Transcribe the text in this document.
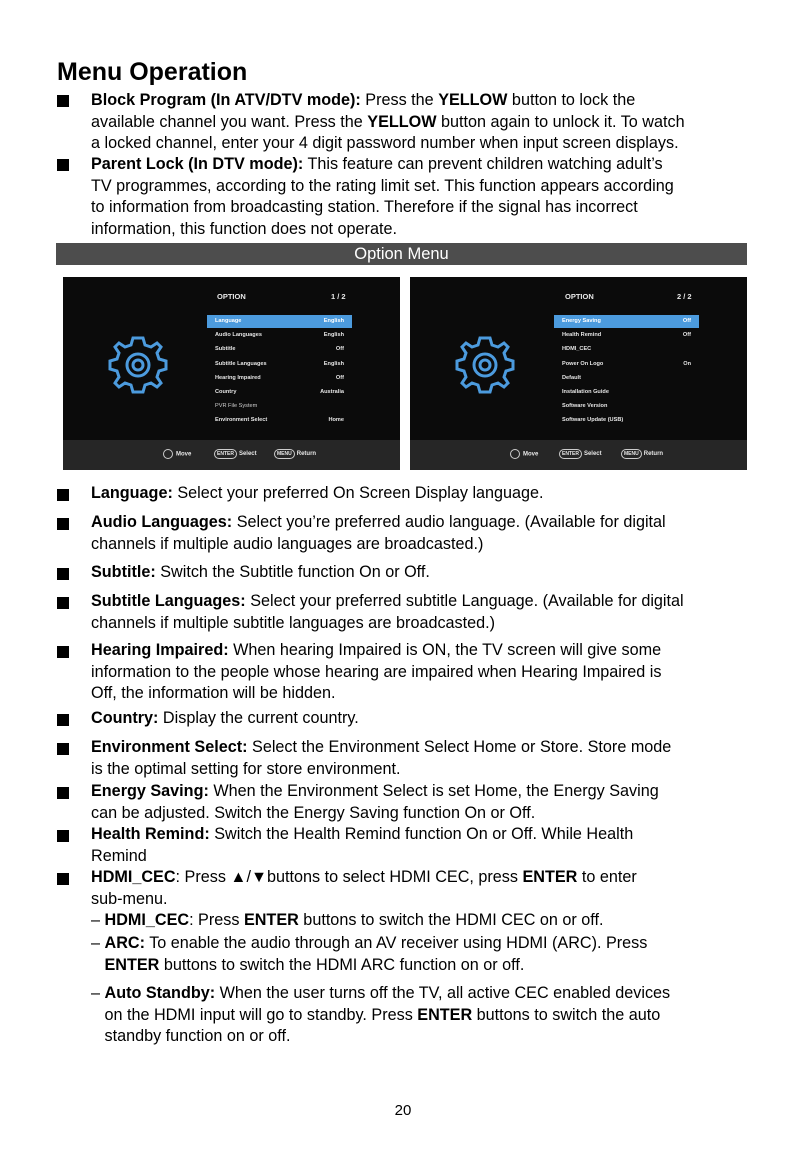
Menu Operation
Block Program (In ATV/DTV mode): Press the YELLOW button to lock the
available channel you want. Press the YELLOW button again to unlock it. To watch
a locked channel, enter your 4 digit password number when input screen displays.
Parent Lock (In DTV mode): This feature can prevent children watching adult’s
TV programmes, according to the rating limit set. This function appears according
to information from broadcasting station. Therefore if the signal has incorrect
information, this function does not operate.
Option Menu
OPTION	1 / 2
Language	English
Audio Languages	English
Subtitle	Off
Subtitle Languages	English
Hearing Impaired	Off
Country	Australia
PVR File System
Environment Select	Home
Move	ENTER Select	MENU Return
OPTION	2 / 2
Energy Saving	Off
Health Remind	Off
HDMI_CEC
Power On Logo	On
Default
Installation Guide
Software Version
Software Update (USB)
Move	ENTER Select	MENU Return
Language: Select your preferred On Screen Display language.
Audio Languages: Select you’re preferred audio language. (Available for digital
channels if multiple audio languages are broadcasted.)
Subtitle: Switch the Subtitle function On or Off.
Subtitle Languages: Select your preferred subtitle Language. (Available for digital
channels if multiple subtitle languages are broadcasted.)
Hearing Impaired: When hearing Impaired is ON, the TV screen will give some
information to the people whose hearing are impaired when Hearing Impaired is
Off, the information will be hidden.
Country: Display the current country.
Environment Select: Select the Environment Select Home or Store. Store mode
is the optimal setting for store environment.
Energy Saving: When the Environment Select is set Home, the Energy Saving
can be adjusted. Switch the Energy Saving function On or Off.
Health Remind: Switch the Health Remind function On or Off. While Health
Remind
HDMI_CEC: Press ▲/▼buttons to select HDMI CEC, press ENTER to enter
sub-menu.
– HDMI_CEC: Press ENTER buttons to switch the HDMI CEC on or off.
– ARC: To enable the audio through an AV receiver using HDMI (ARC). Press
ENTER buttons to switch the HDMI ARC function on or off.
– Auto Standby: When the user turns off the TV, all active CEC enabled devices
on the HDMI input will go to standby. Press ENTER buttons to switch the auto
standby function on or off.
20
